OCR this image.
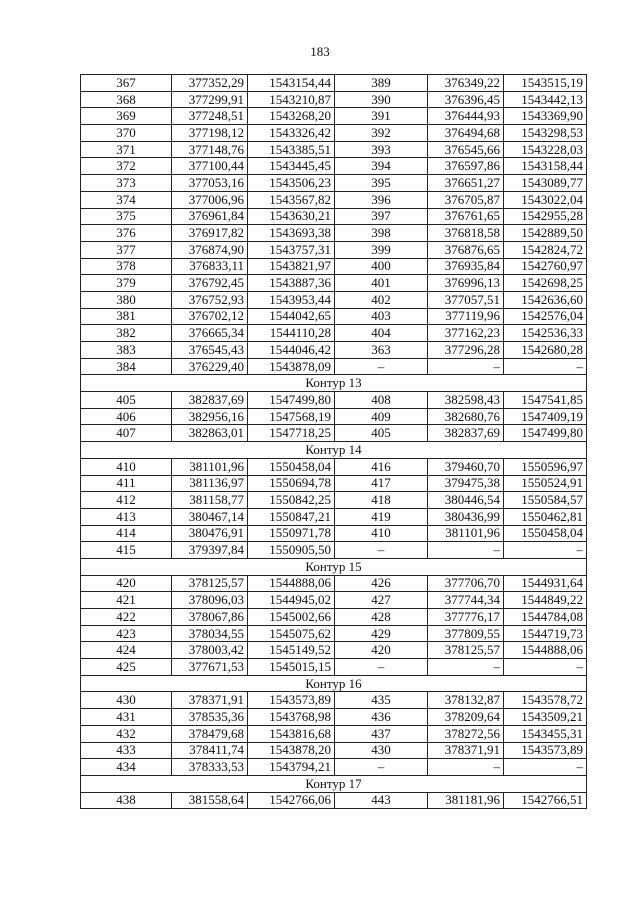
183
367	377352,29	1543154,44	389	376349,22	1543515,19
368	377299,91	1543210,87	390	376396,45	1543442,13
369	377248,51	1543268,20	391	376444,93	1543369,90
370	377198,12	1543326,42	392	376494,68	1543298,53
371	377148,76	1543385,51	393	376545,66	1543228,03
372	377100,44	1543445,45	394	376597,86	1543158,44
373	377053,16	1543506,23	395	376651,27	1543089,77
374	377006,96	1543567,82	396	376705,87	1543022,04
375	376961,84	1543630,21	397	376761,65	1542955,28
376	376917,82	1543693,38	398	376818,58	1542889,50
377	376874,90	1543757,31	399	376876,65	1542824,72
378	376833,11	1543821,97	400	376935,84	1542760,97
379	376792,45	1543887,36	401	376996,13	1542698,25
380	376752,93	1543953,44	402	377057,51	1542636,60
381	376702,12	1544042,65	403	377119,96	1542576,04
382	376665,34	1544110,28	404	377162,23	1542536,33
383	376545,43	1544046,42	363	377296,28	1542680,28
384	376229,40	1543878,09	–	–	–
Контур 13					
405	382837,69	1547499,80	408	382598,43	1547541,85
406	382956,16	1547568,19	409	382680,76	1547409,19
407	382863,01	1547718,25	405	382837,69	1547499,80
Контур 14					
410	381101,96	1550458,04	416	379460,70	1550596,97
411	381136,97	1550694,78	417	379475,38	1550524,91
412	381158,77	1550842,25	418	380446,54	1550584,57
413	380467,14	1550847,21	419	380436,99	1550462,81
414	380476,91	1550971,78	410	381101,96	1550458,04
415	379397,84	1550905,50	–	–	–
Контур 15					
420	378125,57	1544888,06	426	377706,70	1544931,64
421	378096,03	1544945,02	427	377744,34	1544849,22
422	378067,86	1545002,66	428	377776,17	1544784,08
423	378034,55	1545075,62	429	377809,55	1544719,73
424	378003,42	1545149,52	420	378125,57	1544888,06
425	377671,53	1545015,15	–	–	–
Контур 16					
430	378371,91	1543573,89	435	378132,87	1543578,72
431	378535,36	1543768,98	436	378209,64	1543509,21
432	378479,68	1543816,68	437	378272,56	1543455,31
433	378411,74	1543878,20	430	378371,91	1543573,89
434	378333,53	1543794,21	–	–	–
Контур 17					
438	381558,64	1542766,06	443	381181,96	1542766,51
